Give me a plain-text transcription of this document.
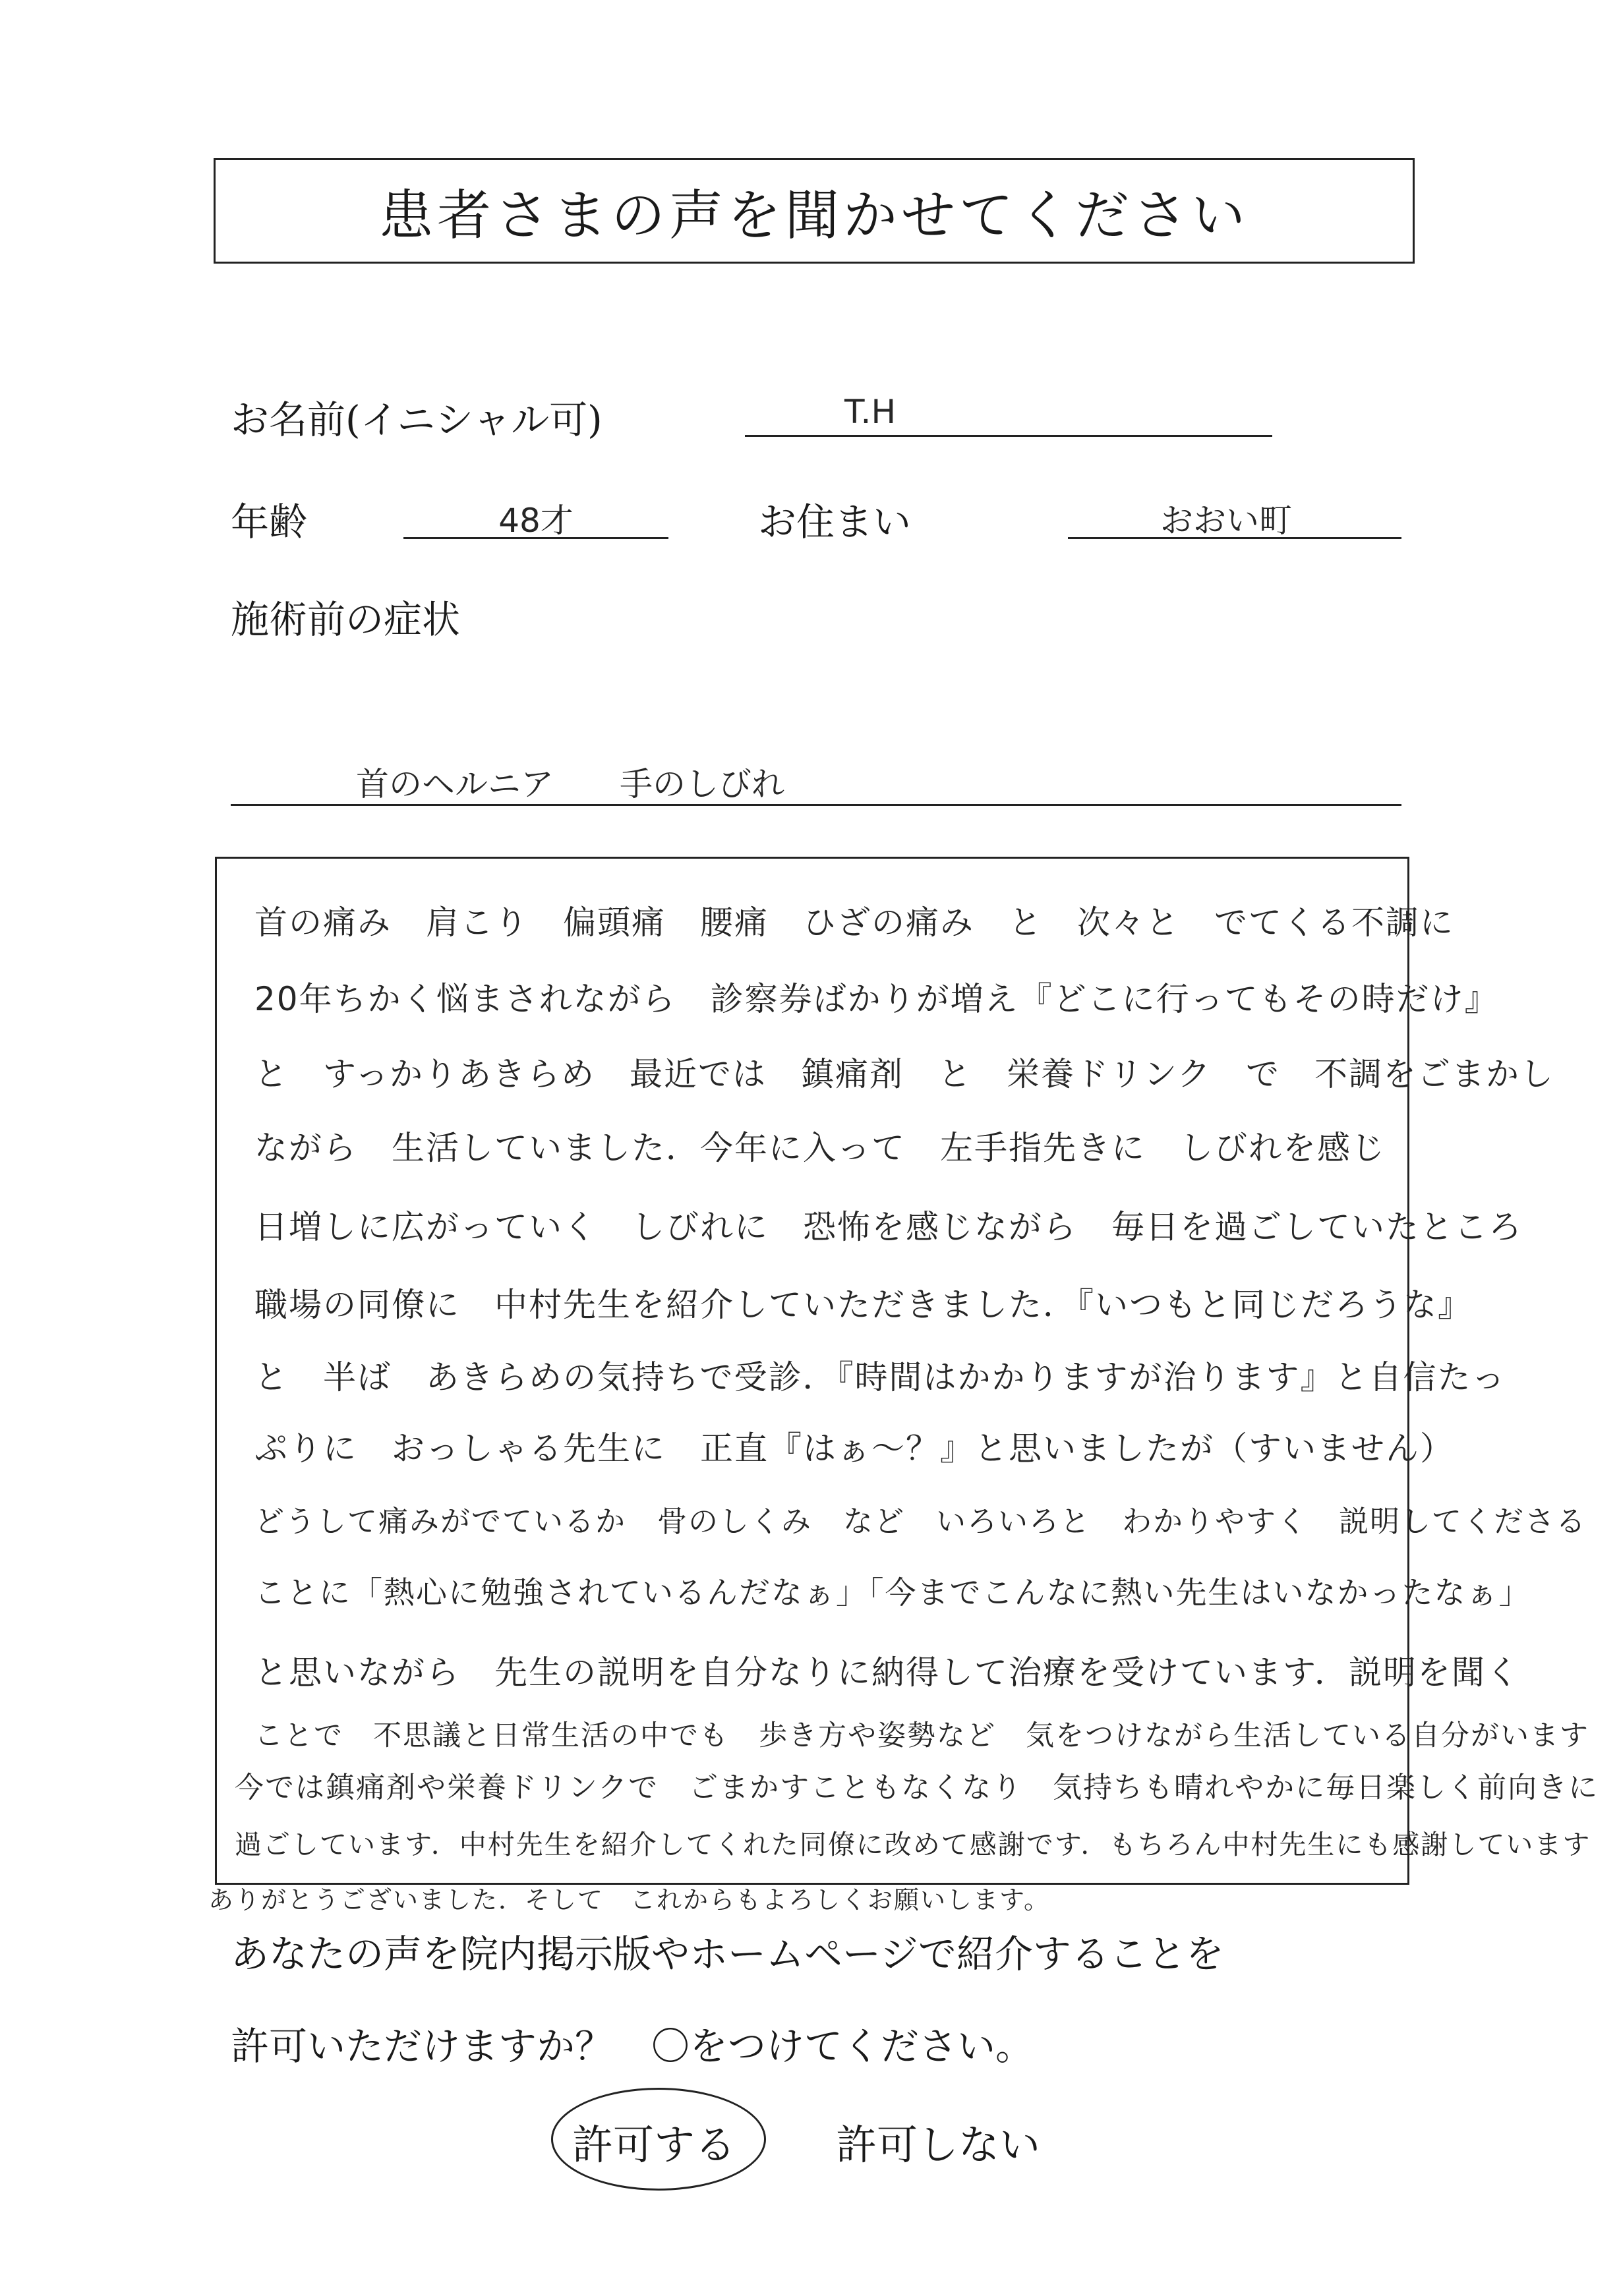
患者さまの声を聞かせてください
お名前(イニシャル可)	T.H
年齢	48才	お住まい	おおい町
施術前の症状
首のヘルニア　　手のしびれ
首の痛み　肩こり　偏頭痛　腰痛　ひざの痛み　と　次々と　でてくる不調に
20年ちかく悩まされながら　診察券ばかりが増え『どこに行ってもその時だけ』
と　すっかりあきらめ　最近では　鎮痛剤　と　栄養ドリンク　で　不調をごまかし
ながら　生活していました．今年に入って　左手指先きに　しびれを感じ
日増しに広がっていく　しびれに　恐怖を感じながら　毎日を過ごしていたところ
職場の同僚に　中村先生を紹介していただきました．『いつもと同じだろうな』
と　半ば　あきらめの気持ちで受診．『時間はかかりますが治ります』と自信たっ
ぷりに　おっしゃる先生に　正直『はぁ～？』と思いましたが（すいません）
どうして痛みがでているか　骨のしくみ　など　いろいろと　わかりやすく　説明してくださる
ことに「熱心に勉強されているんだなぁ」「今までこんなに熱い先生はいなかったなぁ」
と思いながら　先生の説明を自分なりに納得して治療を受けています．説明を聞く
ことで　不思議と日常生活の中でも　歩き方や姿勢など　気をつけながら生活している自分がいます
今では鎮痛剤や栄養ドリンクで　ごまかすこともなくなり　気持ちも晴れやかに毎日楽しく前向きに
過ごしています．中村先生を紹介してくれた同僚に改めて感謝です．もちろん中村先生にも感謝しています
ありがとうございました．そして　これからもよろしくお願いします。
あなたの声を院内掲示版やホームページで紹介することを
許可いただけますか？　〇をつけてください。
許可する 許可しない
